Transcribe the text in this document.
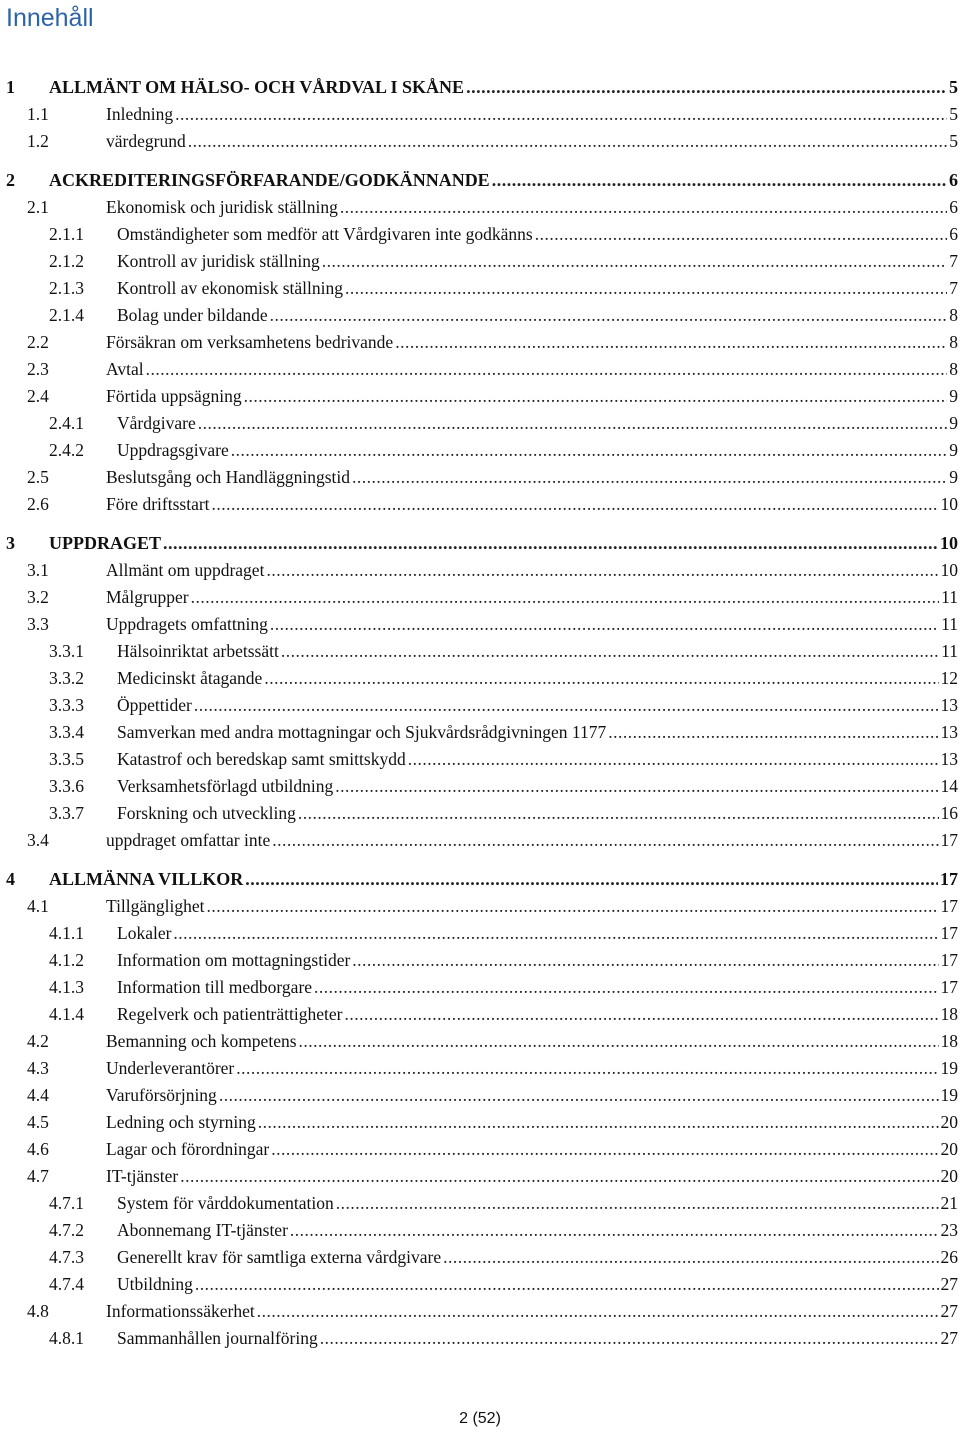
Innehåll
1 ALLMÄNT OM HÄLSO- OCH VÅRDVAL I SKÅNE .....	5
1.1	Inledning .....	5
1.2	värdegrund .....	5
2 ACKREDITERINGSFÖRFARANDE/GODKÄNNANDE .....	6
2.1	Ekonomisk och juridisk ställning .....	6
2.1.1 Omständigheter som medför att Vårdgivaren inte godkänns .....	6
2.1.2 Kontroll av juridisk ställning .....	7
2.1.3 Kontroll av ekonomisk ställning .....	7
2.1.4 Bolag under bildande .....	8
2.2	Försäkran om verksamhetens bedrivande .....	8
2.3	Avtal .....	8
2.4	Förtida uppsägning .....	9
2.4.1 Vårdgivare .....	9
2.4.2 Uppdragsgivare .....	9
2.5	Beslutsgång och Handläggningstid .....	9
2.6	Före driftsstart .....	10
3 UPPDRAGET .....	10
3.1	Allmänt om uppdraget .....	10
3.2	Målgrupper .....	11
3.3	Uppdragets omfattning .....	11
3.3.1 Hälsoinriktat arbetssätt .....	11
3.3.2 Medicinskt åtagande .....	12
3.3.3 Öppettider .....	13
3.3.4 Samverkan med andra mottagningar och Sjukvårdsrådgivningen 1177 .....	13
3.3.5 Katastrof och beredskap samt smittskydd .....	13
3.3.6 Verksamhetsförlagd utbildning .....	14
3.3.7 Forskning och utveckling .....	16
3.4	uppdraget omfattar inte .....	17
4 ALLMÄNNA VILLKOR .....	17
4.1	Tillgänglighet .....	17
4.1.1 Lokaler .....	17
4.1.2 Information om mottagningstider .....	17
4.1.3 Information till medborgare .....	17
4.1.4 Regelverk och patienträttigheter .....	18
4.2	Bemanning och kompetens .....	18
4.3	Underleverantörer .....	19
4.4	Varuförsörjning .....	19
4.5	Ledning och styrning .....	20
4.6	Lagar och förordningar .....	20
4.7	IT-tjänster .....	20
4.7.1 System för vårddokumentation .....	21
4.7.2 Abonnemang IT-tjänster .....	23
4.7.3 Generellt krav för samtliga externa vårdgivare .....	26
4.7.4 Utbildning .....	27
4.8	Informationssäkerhet .....	27
4.8.1 Sammanhållen journalföring .....	27
2 (52)
